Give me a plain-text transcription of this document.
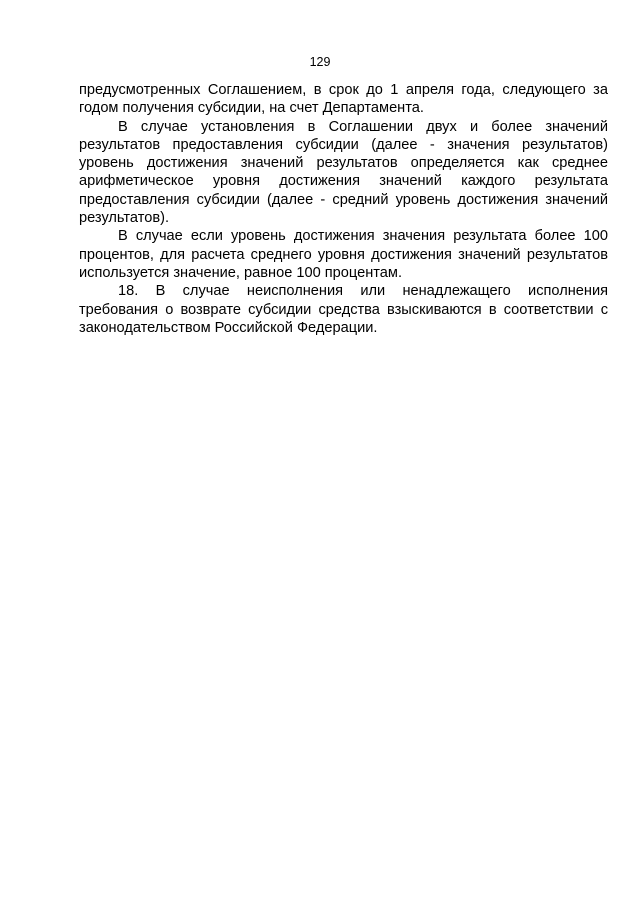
129

предусмотренных Соглашением, в срок до 1 апреля года, следующего за годом получения субсидии, на счет Департамента.

В случае установления в Соглашении двух и более значений результатов предоставления субсидии (далее - значения результатов) уровень достижения значений результатов определяется как среднее арифметическое уровня достижения значений каждого результата предоставления субсидии (далее - средний уровень достижения значений результатов).

В случае если уровень достижения значения результата более 100 процентов, для расчета среднего уровня достижения значений результатов используется значение, равное 100 процентам.

18. В случае неисполнения или ненадлежащего исполнения требования о возврате субсидии средства взыскиваются в соответствии с законодательством Российской Федерации.
